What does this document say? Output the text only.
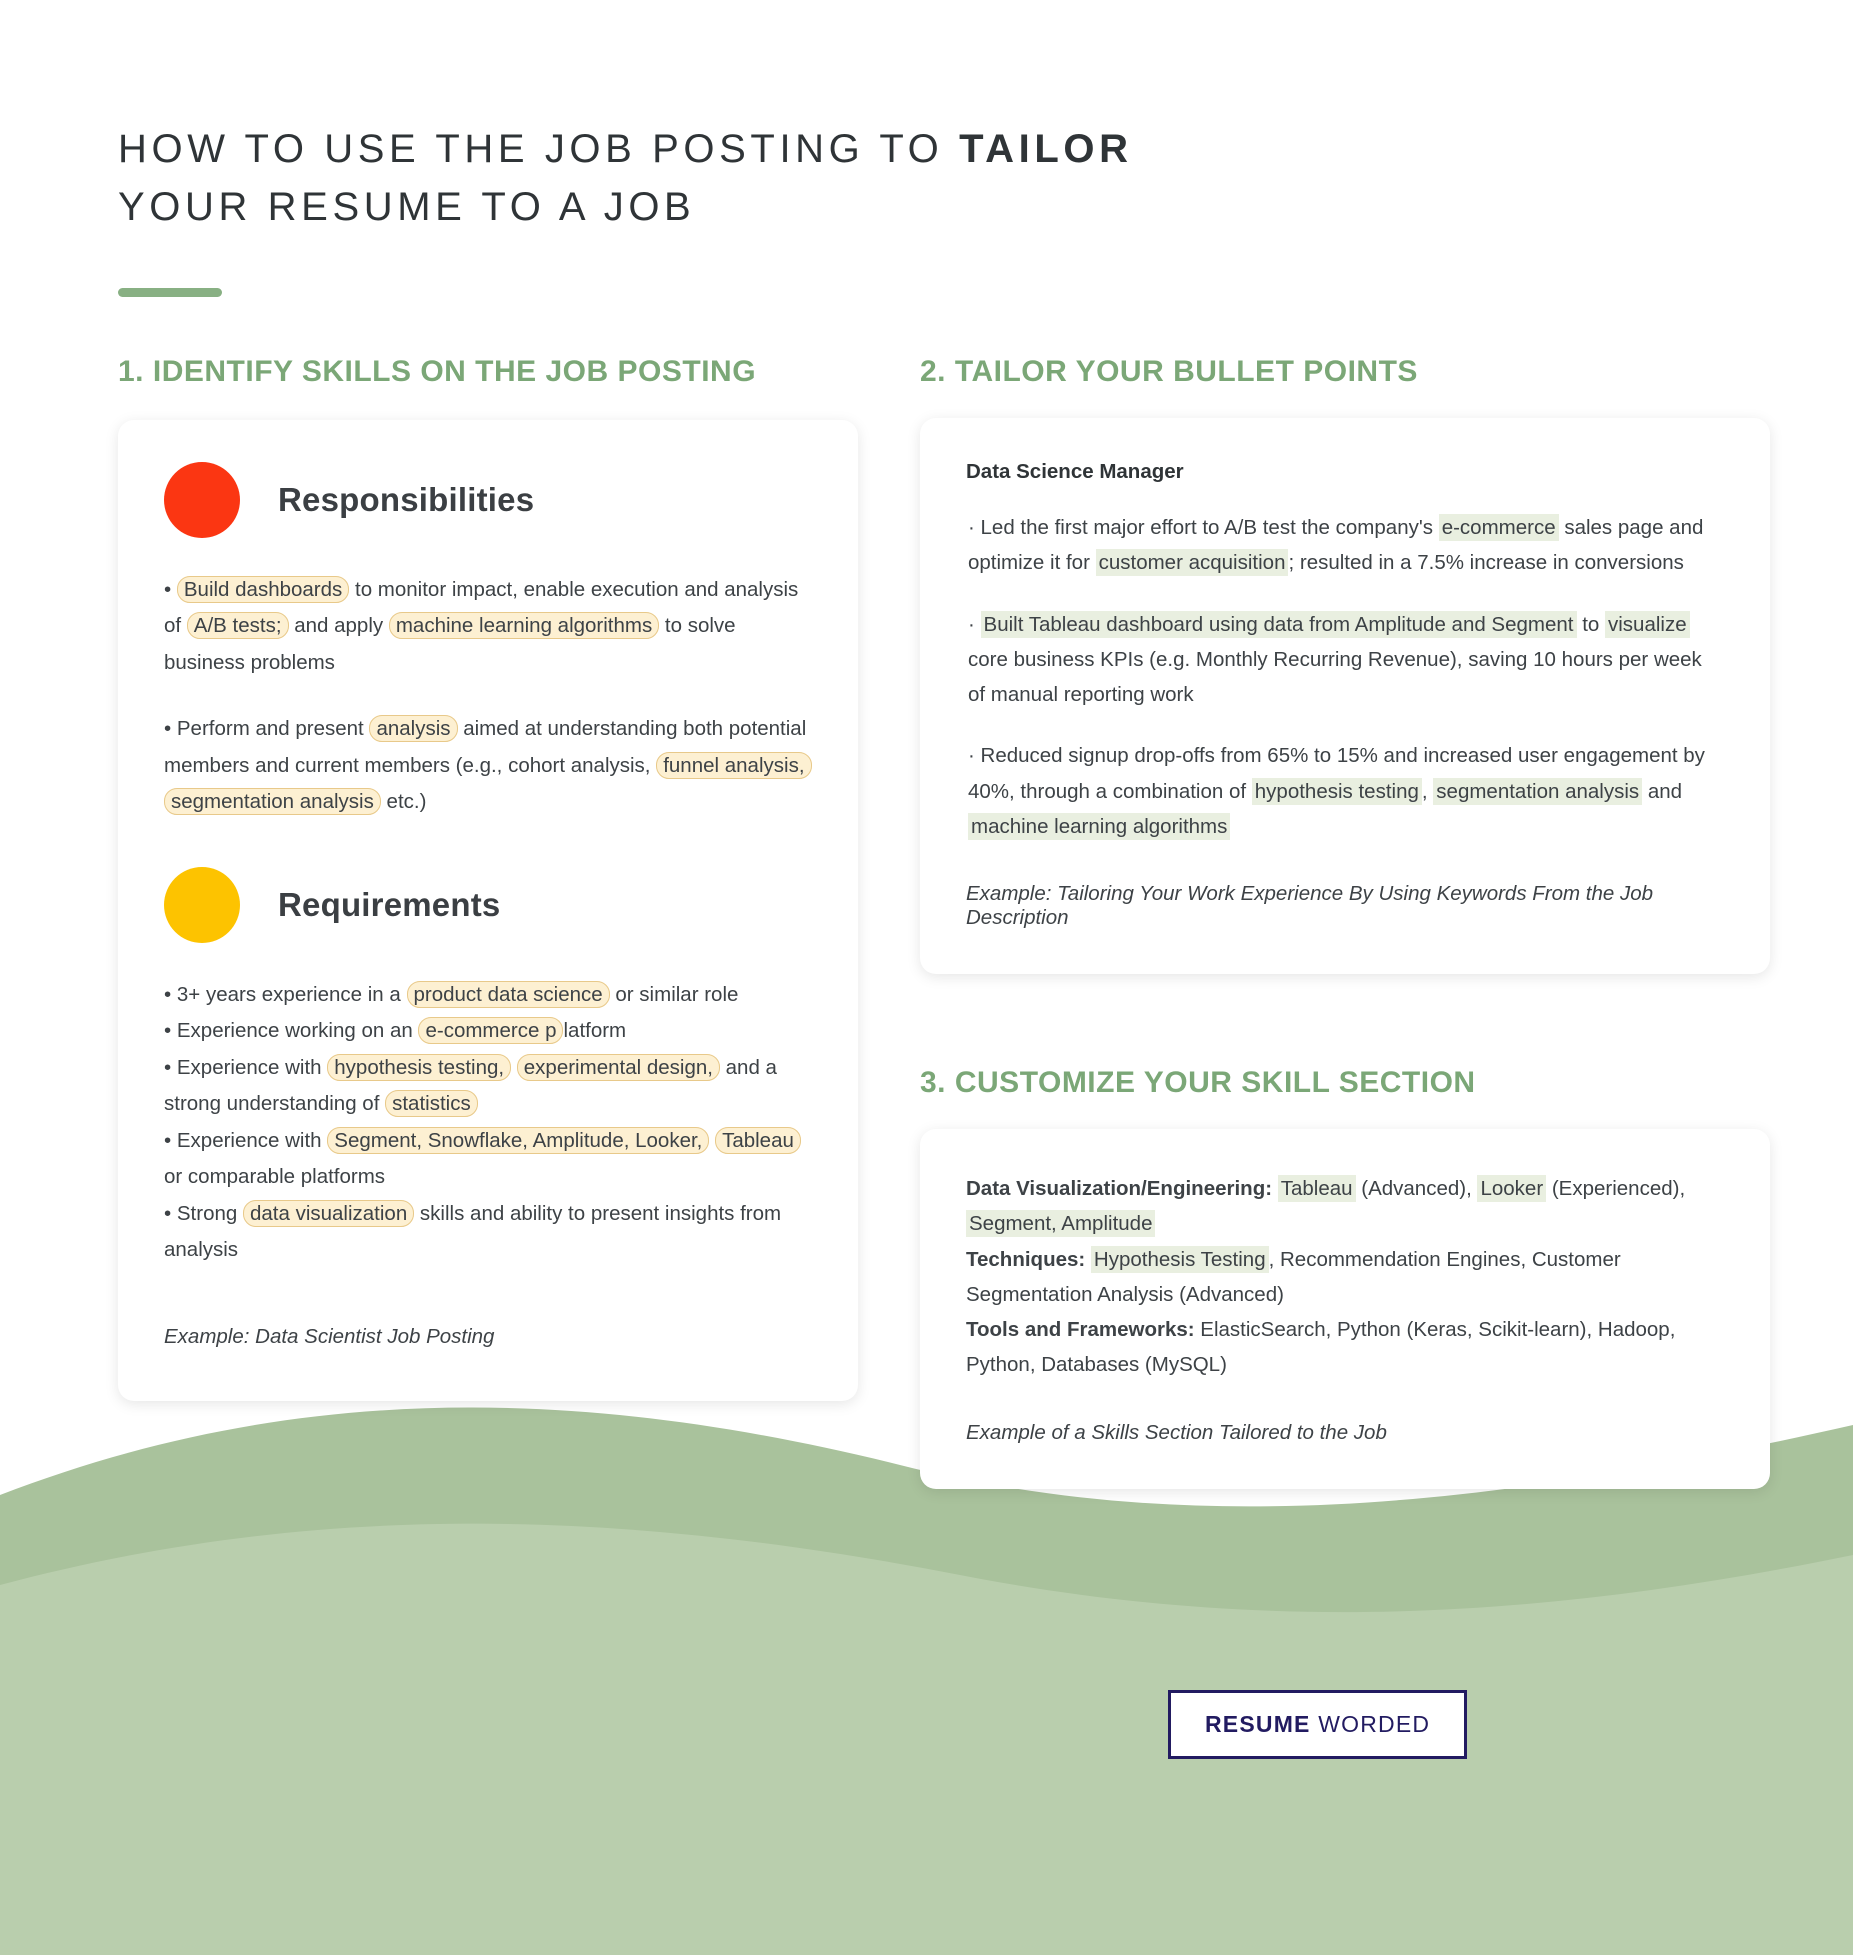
HOW TO USE THE JOB POSTING TO TAILOR
YOUR RESUME TO A JOB
1. IDENTIFY SKILLS ON THE JOB POSTING
Responsibilities
• Build dashboards to monitor impact, enable execution and analysis of A/B tests; and apply machine learning algorithms to solve business problems
• Perform and present analysis aimed at understanding both potential members and current members (e.g., cohort analysis, funnel analysis, segmentation analysis etc.)
Requirements
• 3+ years experience in a product data science or similar role
• Experience working on an e-commerce p latform
• Experience with hypothesis testing, experimental design, and a strong understanding of statistics
• Experience with Segment, Snowflake, Amplitude, Looker, Tableau or comparable platforms
• Strong data visualization skills and ability to present insights from analysis
Example: Data Scientist Job Posting
2. TAILOR YOUR BULLET POINTS
Data Science Manager
· Led the first major effort to A/B test the company's e-commerce sales page and optimize it for customer acquisition ; resulted in a 7.5% increase in conversions
· Built Tableau dashboard using data from Amplitude and Segment to visualize core business KPIs (e.g. Monthly Recurring Revenue), saving 10 hours per week of manual reporting work
· Reduced signup drop-offs from 65% to 15% and increased user engagement by 40%, through a combination of hypothesis testing , segmentation analysis and machine learning algorithms
Example: Tailoring Your Work Experience By Using Keywords From the Job Description
3. CUSTOMIZE YOUR SKILL SECTION
Data Visualization/Engineering: Tableau (Advanced), Looker (Experienced), Segment, Amplitude
Techniques: Hypothesis Testing , Recommendation Engines, Customer Segmentation Analysis (Advanced)
Tools and Frameworks: ElasticSearch, Python (Keras, Scikit-learn), Hadoop, Python, Databases (MySQL)
Example of a Skills Section Tailored to the Job
RESUME WORDED
